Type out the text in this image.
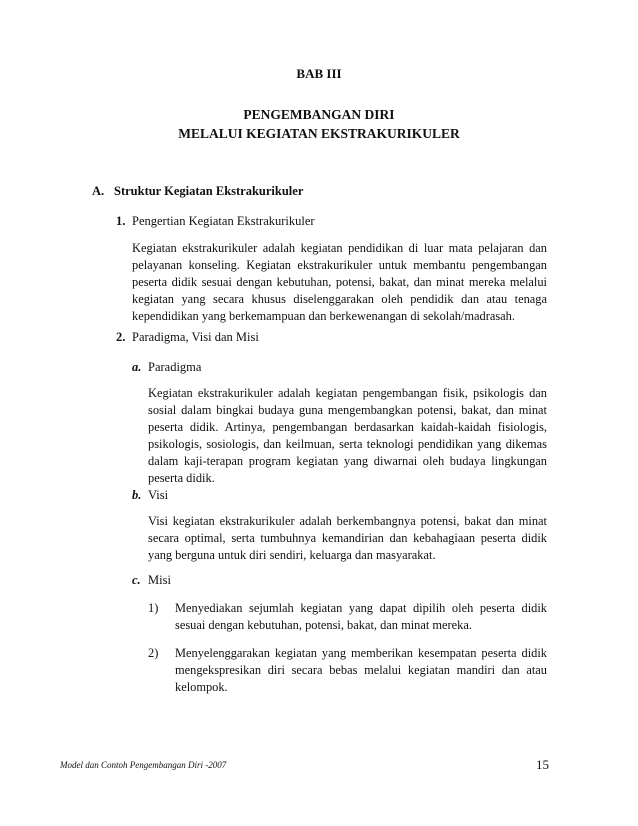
BAB III
PENGEMBANGAN DIRI
MELALUI KEGIATAN EKSTRAKURIKULER
A. Struktur Kegiatan Ekstrakurikuler
1. Pengertian Kegiatan Ekstrakurikuler
Kegiatan ekstrakurikuler adalah kegiatan pendidikan di luar mata pelajaran dan pelayanan konseling. Kegiatan ekstrakurikuler untuk membantu pengembangan peserta didik sesuai dengan kebutuhan, potensi, bakat, dan minat mereka melalui kegiatan yang secara khusus diselenggarakan oleh pendidik dan atau tenaga kependidikan yang berkemampuan dan berkewenangan di sekolah/madrasah.
2. Paradigma, Visi dan Misi
a. Paradigma
Kegiatan ekstrakurikuler adalah kegiatan pengembangan fisik, psikologis dan sosial dalam bingkai budaya guna mengembangkan potensi, bakat, dan minat peserta didik. Artinya, pengembangan berdasarkan kaidah-kaidah fisiologis, psikologis, sosiologis, dan keilmuan, serta teknologi pendidikan yang dikemas dalam kaji-terapan program kegiatan yang diwarnai oleh budaya lingkungan peserta didik.
b. Visi
Visi kegiatan ekstrakurikuler adalah berkembangnya potensi, bakat dan minat secara optimal, serta tumbuhnya kemandirian dan kebahagiaan peserta didik yang berguna untuk diri sendiri, keluarga dan masyarakat.
c. Misi
1) Menyediakan sejumlah kegiatan yang dapat dipilih oleh peserta didik sesuai dengan kebutuhan, potensi, bakat, dan minat mereka.
2) Menyelenggarakan kegiatan yang memberikan kesempatan peserta didik mengekspresikan diri secara bebas melalui kegiatan mandiri dan atau kelompok.
Model dan Contoh Pengembangan Diri -2007	15
